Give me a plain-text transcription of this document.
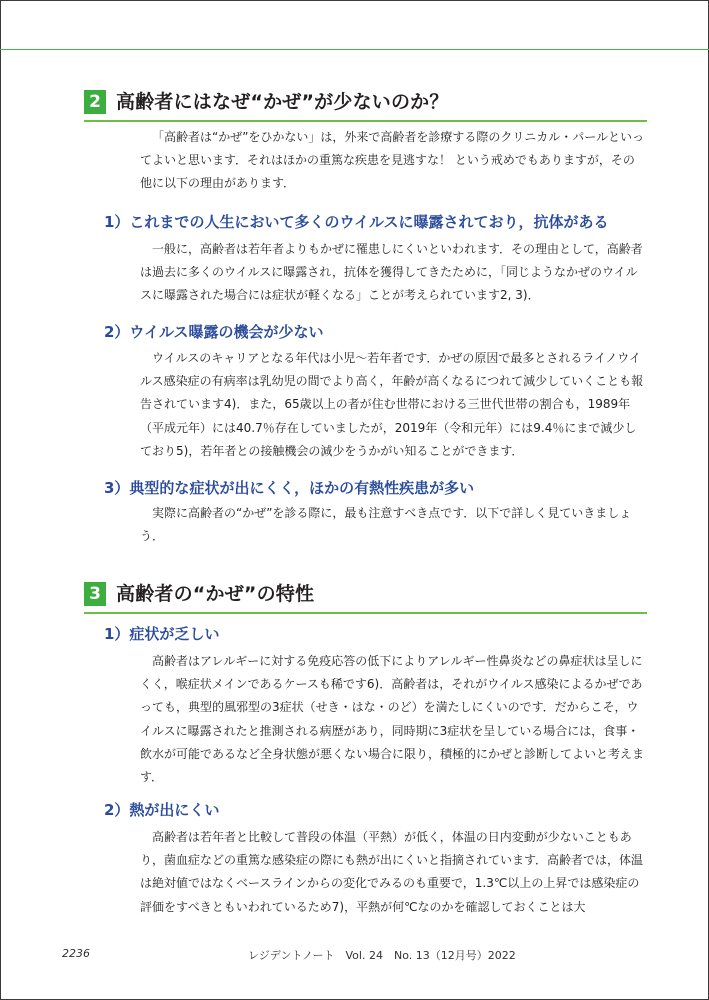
2 高齢者にはなぜ“かぜ”が少ないのか？

「高齢者は“かぜ”をひかない」は，外来で高齢者を診療する際のクリニカル・パールといってよいと思います．それはほかの重篤な疾患を見逃すな！ という戒めでもありますが，その他に以下の理由があります．

1）これまでの人生において多くのウイルスに曝露されており，抗体がある

一般に，高齢者は若年者よりもかぜに罹患しにくいといわれます．その理由として，高齢者は過去に多くのウイルスに曝露され，抗体を獲得してきたために，「同じようなかぜのウイルスに曝露された場合には症状が軽くなる」ことが考えられています2, 3)．

2）ウイルス曝露の機会が少ない

ウイルスのキャリアとなる年代は小児～若年者です．かぜの原因で最多とされるライノウイルス感染症の有病率は乳幼児の間でより高く，年齢が高くなるにつれて減少していくことも報告されています4)．また，65歳以上の者が住む世帯における三世代世帯の割合も，1989年（平成元年）には40.7％存在していましたが，2019年（令和元年）には9.4％にまで減少しており5)，若年者との接触機会の減少をうかがい知ることができます．

3）典型的な症状が出にくく，ほかの有熱性疾患が多い

実際に高齢者の“かぜ”を診る際に，最も注意すべき点です．以下で詳しく見ていきましょう．

3 高齢者の“かぜ”の特性
1）症状が乏しい

高齢者はアレルギーに対する免疫応答の低下によりアレルギー性鼻炎などの鼻症状は呈しにくく，喉症状メインであるケースも稀です6)．高齢者は，それがウイルス感染によるかぜであっても，典型的風邪型の3症状（せき・はな・のど）を満たしにくいのです．だからこそ，ウイルスに曝露されたと推測される病歴があり，同時期に3症状を呈している場合には，食事・飲水が可能であるなど全身状態が悪くない場合に限り，積極的にかぜと診断してよいと考えます．

2）熱が出にくい

高齢者は若年者と比較して普段の体温（平熱）が低く，体温の日内変動が少ないこともあり，菌血症などの重篤な感染症の際にも熱が出にくいと指摘されています．高齢者では，体温は絶対値ではなくベースラインからの変化でみるのも重要で，1.3℃以上の上昇では感染症の評価をすべきともいわれているため7)，平熱が何℃なのかを確認しておくことは大

2236	レジデントノート　Vol. 24　No. 13（12月号）2022
